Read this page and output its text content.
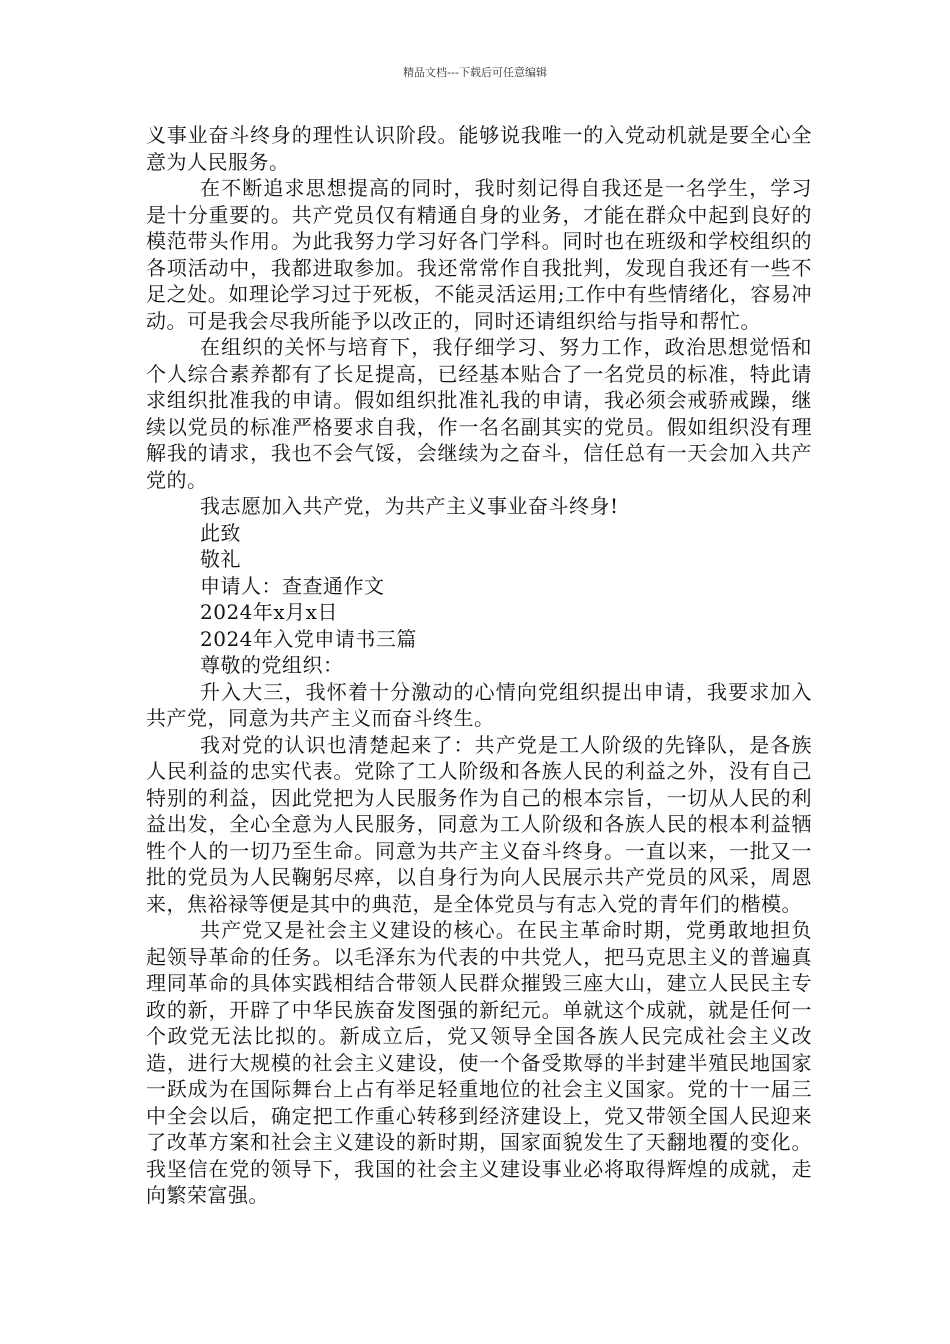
精品文档---下载后可任意编辑

义事业奋斗终身的理性认识阶段。能够说我唯一的入党动机就是要全心全意为人民服务。

在不断追求思想提高的同时，我时刻记得自我还是一名学生，学习是十分重要的。共产党员仅有精通自身的业务，才能在群众中起到良好的模范带头作用。为此我努力学习好各门学科。同时也在班级和学校组织的各项活动中，我都进取参加。我还常常作自我批判，发现自我还有一些不足之处。如理论学习过于死板，不能灵活运用;工作中有些情绪化，容易冲动。可是我会尽我所能予以改正的，同时还请组织给与指导和帮忙。

在组织的关怀与培育下，我仔细学习、努力工作，政治思想觉悟和个人综合素养都有了长足提高，已经基本贴合了一名党员的标准，特此请求组织批准我的申请。假如组织批准礼我的申请，我必须会戒骄戒躁，继续以党员的标准严格要求自我，作一名名副其实的党员。假如组织没有理解我的请求，我也不会气馁，会继续为之奋斗，信任总有一天会加入共产党的。

我志愿加入共产党，为共产主义事业奋斗终身!

此致

敬礼

申请人：查查通作文

2024年x月x日

2024年入党申请书三篇

尊敬的党组织：

升入大三，我怀着十分激动的心情向党组织提出申请，我要求加入共产党，同意为共产主义而奋斗终生。

我对党的认识也清楚起来了：共产党是工人阶级的先锋队，是各族人民利益的忠实代表。党除了工人阶级和各族人民的利益之外，没有自己特别的利益，因此党把为人民服务作为自己的根本宗旨，一切从人民的利益出发，全心全意为人民服务，同意为工人阶级和各族人民的根本利益牺牲个人的一切乃至生命。同意为共产主义奋斗终身。一直以来，一批又一批的党员为人民鞠躬尽瘁，以自身行为向人民展示共产党员的风采，周恩来，焦裕禄等便是其中的典范，是全体党员与有志入党的青年们的楷模。

共产党又是社会主义建设的核心。在民主革命时期，党勇敢地担负起领导革命的任务。以毛泽东为代表的中共党人，把马克思主义的普遍真理同革命的具体实践相结合带领人民群众摧毁三座大山，建立人民民主专政的新，开辟了中华民族奋发图强的新纪元。单就这个成就，就是任何一个政党无法比拟的。新成立后，党又领导全国各族人民完成社会主义改造，进行大规模的社会主义建设，使一个备受欺辱的半封建半殖民地国家一跃成为在国际舞台上占有举足轻重地位的社会主义国家。党的十一届三中全会以后，确定把工作重心转移到经济建设上，党又带领全国人民迎来了改革方案和社会主义建设的新时期，国家面貌发生了天翻地覆的变化。我坚信在党的领导下，我国的社会主义建设事业必将取得辉煌的成就，走向繁荣富强。
